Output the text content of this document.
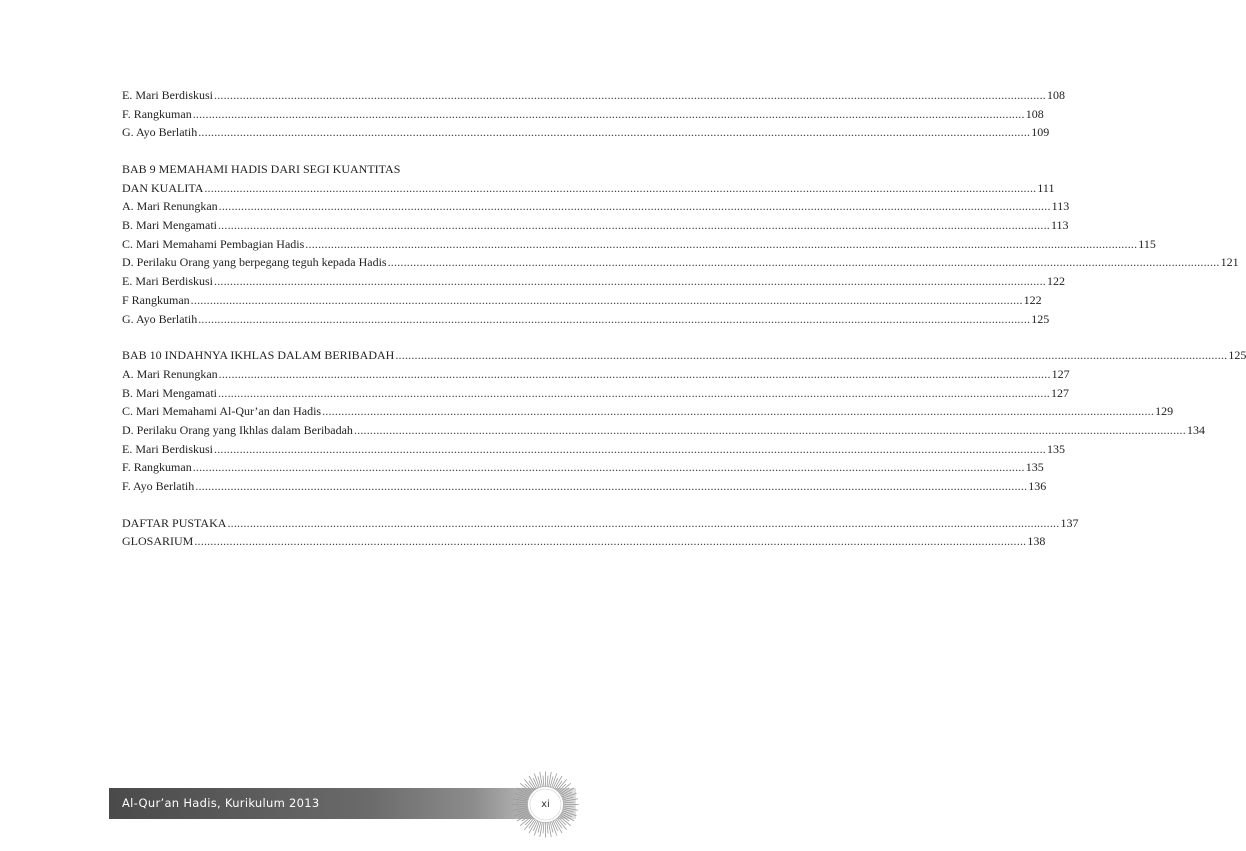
E. Mari Berdiskusi .................................................................................................................................................................................................................................................................... 108
F. Rangkuman .................................................................................................................................................................................................................................................................... 108
G. Ayo Berlatih .................................................................................................................................................................................................................................................................... 109
BAB 9 MEMAHAMI HADIS DARI SEGI KUANTITAS
DAN KUALITA .................................................................................................................................................................................................................................................................... 111
A. Mari Renungkan .................................................................................................................................................................................................................................................................... 113
B. Mari Mengamati .................................................................................................................................................................................................................................................................... 113
C. Mari Memahami Pembagian Hadis .................................................................................................................................................................................................................................................................... 115
D. Perilaku Orang yang berpegang teguh kepada Hadis .................................................................................................................................................................................................................................................................... 121
E. Mari Berdiskusi .................................................................................................................................................................................................................................................................... 122
F Rangkuman .................................................................................................................................................................................................................................................................... 122
G. Ayo Berlatih .................................................................................................................................................................................................................................................................... 125
BAB 10 INDAHNYA IKHLAS DALAM BERIBADAH .................................................................................................................................................................................................................................................................... 125
A. Mari Renungkan .................................................................................................................................................................................................................................................................... 127
B. Mari Mengamati .................................................................................................................................................................................................................................................................... 127
C. Mari Memahami Al-Qur’an dan Hadis .................................................................................................................................................................................................................................................................... 129
D. Perilaku Orang yang Ikhlas dalam Beribadah .................................................................................................................................................................................................................................................................... 134
E. Mari Berdiskusi .................................................................................................................................................................................................................................................................... 135
F. Rangkuman .................................................................................................................................................................................................................................................................... 135
F. Ayo Berlatih .................................................................................................................................................................................................................................................................... 136
DAFTAR PUSTAKA .................................................................................................................................................................................................................................................................... 137
GLOSARIUM .................................................................................................................................................................................................................................................................... 138
Al-Qur’an Hadis, Kurikulum 2013	xi
